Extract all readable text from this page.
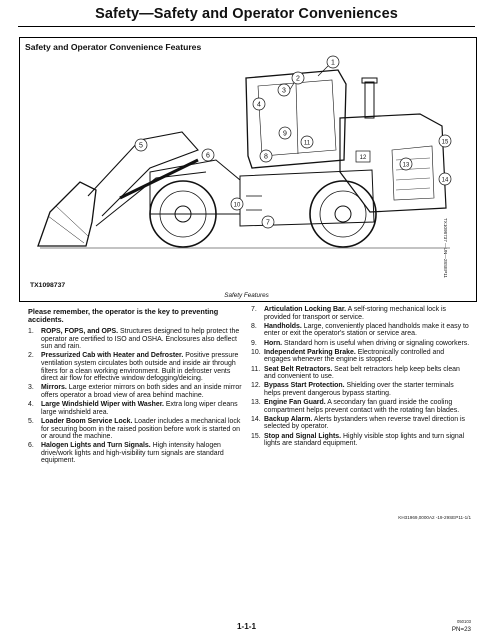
Safety—Safety and Operator Conveniences
Safety and Operator Convenience Features
1
2
3
4
5
6
7
8
9
10
11
12
13
14
15
TX1098737
TX1098737 —UN—28SEP11
Safety Features
Please remember, the operator is the key to preventing accidents.
1. ROPS, FOPS, and OPS. Structures designed to help protect the operator are certified to ISO and OSHA. Enclosures also deflect sun and rain.
2. Pressurized Cab with Heater and Defroster. Positive pressure ventilation system circulates both outside and inside air through filters for a clean working environment. Built in defroster vents direct air flow for effective window defogging/deicing.
3. Mirrors. Large exterior mirrors on both sides and an inside mirror offers operator a broad view of area behind machine.
4. Large Windshield Wiper with Washer. Extra long wiper cleans large windshield area.
5. Loader Boom Service Lock. Loader includes a mechanical lock for securing boom in the raised position before work is started on or around the machine.
6. Halogen Lights and Turn Signals. High intensity halogen drive/work lights and high-visibility turn signals are standard equipment.
7. Articulation Locking Bar. A self-storing mechanical lock is provided for transport or service.
8. Handholds. Large, conveniently placed handholds make it easy to enter or exit the operator's station or service area.
9. Horn. Standard horn is useful when driving or signaling coworkers.
10. Independent Parking Brake. Electronically controlled and engages whenever the engine is stopped.
11. Seat Belt Retractors. Seat belt retractors help keep belts clean and convenient to use.
12. Bypass Start Protection. Shielding over the starter terminals helps prevent dangerous bypass starting.
13. Engine Fan Guard. A secondary fan guard inside the cooling compartment helps prevent contact with the rotating fan blades.
14. Backup Alarm. Alerts bystanders when reverse travel direction is selected by operator.
15. Stop and Signal Lights. Highly visible stop lights and turn signal lights are standard equipment.
KH31969,0000A2 -19-29SEP11-1/1
1-1-1
050103
PN=23
